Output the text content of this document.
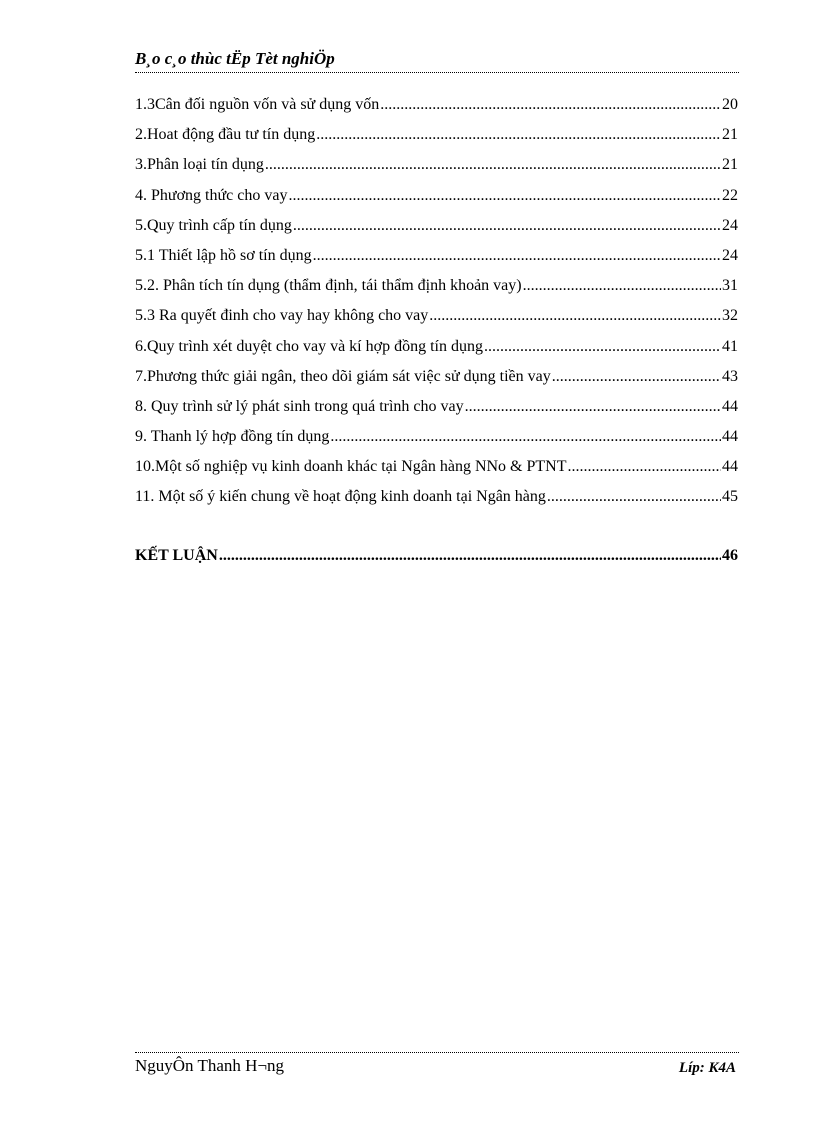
B¸o c¸o thùc tËp Tèt nghiÖp
1.3Cân đối nguồn vốn và sử dụng vốn .....	20
2.Hoat động đầu tư tín dụng .....	21
3.Phân loại tín dụng .....	21
4. Phương thức cho vay .....	22
5.Quy trình cấp tín dụng .....	24
5.1 Thiết lập hồ sơ tín dụng .....	24
5.2. Phân tích tín dụng (thẩm định, tái thẩm định khoản vay) .....	31
5.3 Ra quyết đinh cho vay hay không cho vay .....	32
6.Quy trình xét duyệt cho vay và kí hợp đồng tín dụng .....	41
7.Phương thức giải ngân, theo dõi giám sát việc sử dụng tiền vay .....	43
8. Quy trình sử lý phát sinh trong quá trình cho vay .....	44
9. Thanh lý hợp đồng tín dụng .....	44
10.Một số nghiệp vụ kinh doanh khác tại Ngân hàng NNo & PTNT .....	44
11. Một số ý kiến chung về hoạt động kinh doanh tại Ngân hàng .....	45
KẾT LUẬN .....	46
NguyÔn Thanh H¬ng	Líp: K4A
